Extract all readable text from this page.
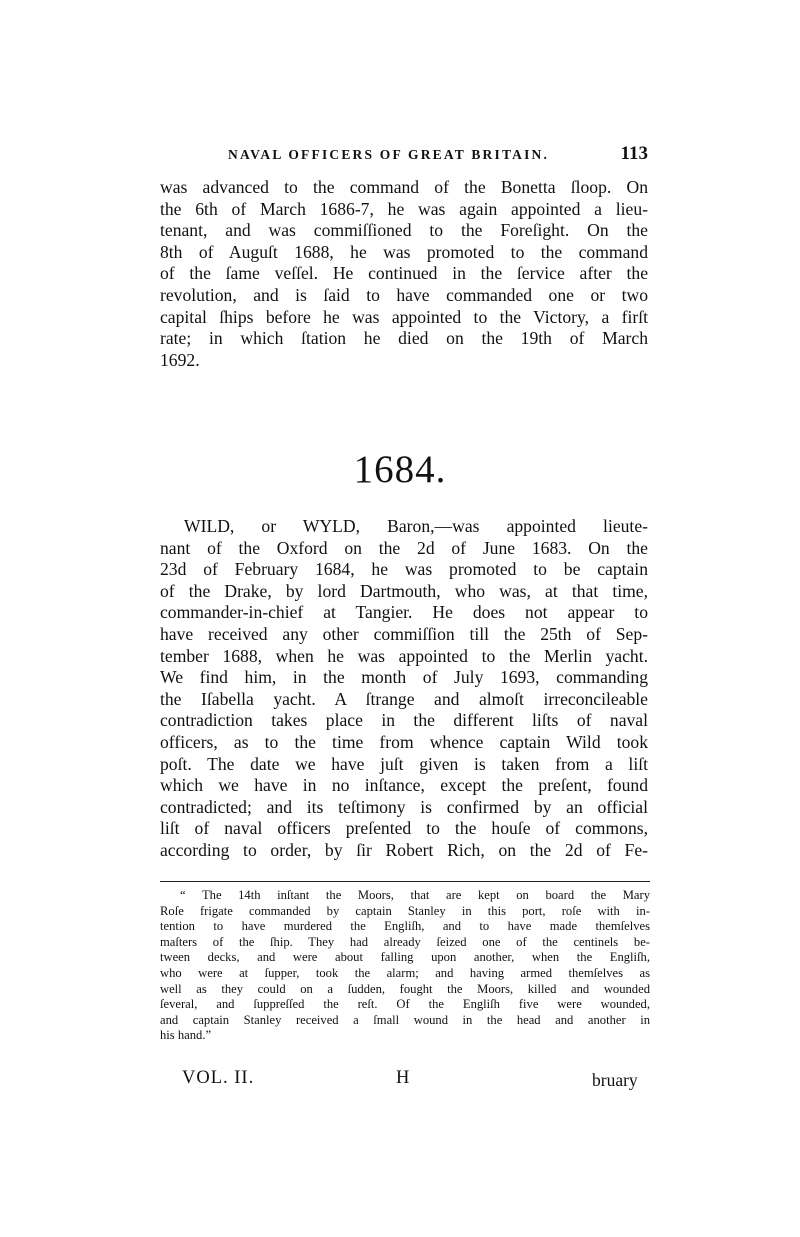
NAVAL OFFICERS OF GREAT BRITAIN.	113

was advanced to the command of the Bonetta ſloop. On
the 6th of March 1686-7, he was again appointed a lieu-
tenant, and was commiſſioned to the Foreſight. On the
8th of Auguſt 1688, he was promoted to the command
of the ſame veſſel. He continued in the ſervice after the
revolution, and is ſaid to have commanded one or two
capital ſhips before he was appointed to the Victory, a firſt
rate; in which ſtation he died on the 19th of March
1692.

1684.

WILD, or WYLD, Baron,—was appointed lieute-
nant of the Oxford on the 2d of June 1683. On the
23d of February 1684, he was promoted to be captain
of the Drake, by lord Dartmouth, who was, at that time,
commander-in-chief at Tangier. He does not appear to
have received any other commiſſion till the 25th of Sep-
tember 1688, when he was appointed to the Merlin yacht.
We find him, in the month of July 1693, commanding
the Iſabella yacht. A ſtrange and almoſt irreconcileable
contradiction takes place in the different liſts of naval
officers, as to the time from whence captain Wild took
poſt. The date we have juſt given is taken from a liſt
which we have in no inſtance, except the preſent, found
contradicted; and its teſtimony is confirmed by an official
liſt of naval officers preſented to the houſe of commons,
according to order, by ſir Robert Rich, on the 2d of Fe-

“ The 14th inſtant the Moors, that are kept on board the Mary
Roſe frigate commanded by captain Stanley in this port, roſe with in-
tention to have murdered the Engliſh, and to have made themſelves
maſters of the ſhip. They had already ſeized one of the centinels be-
tween decks, and were about falling upon another, when the Engliſh,
who were at ſupper, took the alarm; and having armed themſelves as
well as they could on a ſudden, fought the Moors, killed and wounded
ſeveral, and ſuppreſſed the reſt. Of the Engliſh five were wounded,
and captain Stanley received a ſmall wound in the head and another in
his hand.”

VOL. II.	H	bruary
